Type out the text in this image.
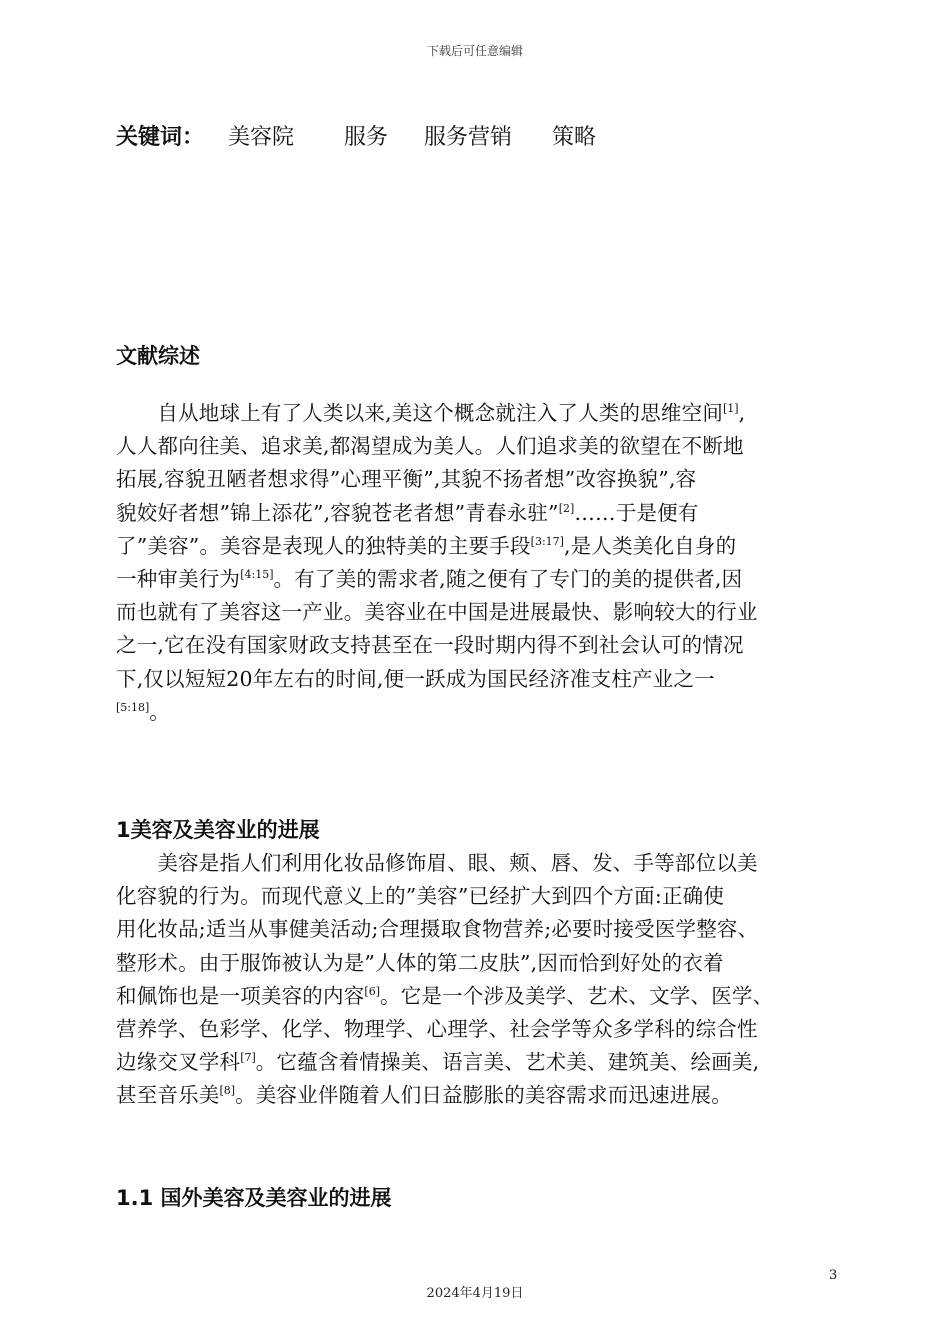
下载后可任意编辑
关键词： 美容院 服务 服务营销 策略
文献综述
　　自从地球上有了人类以来,美这个概念就注入了人类的思维空间[1],
人人都向往美、追求美,都渴望成为美人。人们追求美的欲望在不断地
拓展,容貌丑陋者想求得”心理平衡”,其貌不扬者想”改容换貌”,容
貌姣好者想”锦上添花”,容貌苍老者想”青春永驻”[2]……于是便有
了”美容”。美容是表现人的独特美的主要手段[3:17],是人类美化自身的
一种审美行为[4:15]。有了美的需求者,随之便有了专门的美的提供者,因
而也就有了美容这一产业。美容业在中国是进展最快、影响较大的行业
之一,它在没有国家财政支持甚至在一段时期内得不到社会认可的情况
下,仅以短短20年左右的时间,便一跃成为国民经济准支柱产业之一
[5:18]。
1美容及美容业的进展
　　美容是指人们利用化妆品修饰眉、眼、颊、唇、发、手等部位以美
化容貌的行为。而现代意义上的”美容”已经扩大到四个方面:正确使
用化妆品;适当从事健美活动;合理摄取食物营养;必要时接受医学整容、
整形术。由于服饰被认为是”人体的第二皮肤”,因而恰到好处的衣着
和佩饰也是一项美容的内容[6]。它是一个涉及美学、艺术、文学、医学、
营养学、色彩学、化学、物理学、心理学、社会学等众多学科的综合性
边缘交叉学科[7]。它蕴含着情操美、语言美、艺术美、建筑美、绘画美,
甚至音乐美[8]。美容业伴随着人们日益膨胀的美容需求而迅速进展。
1.1 国外美容及美容业的进展
3
2024年4月19日
